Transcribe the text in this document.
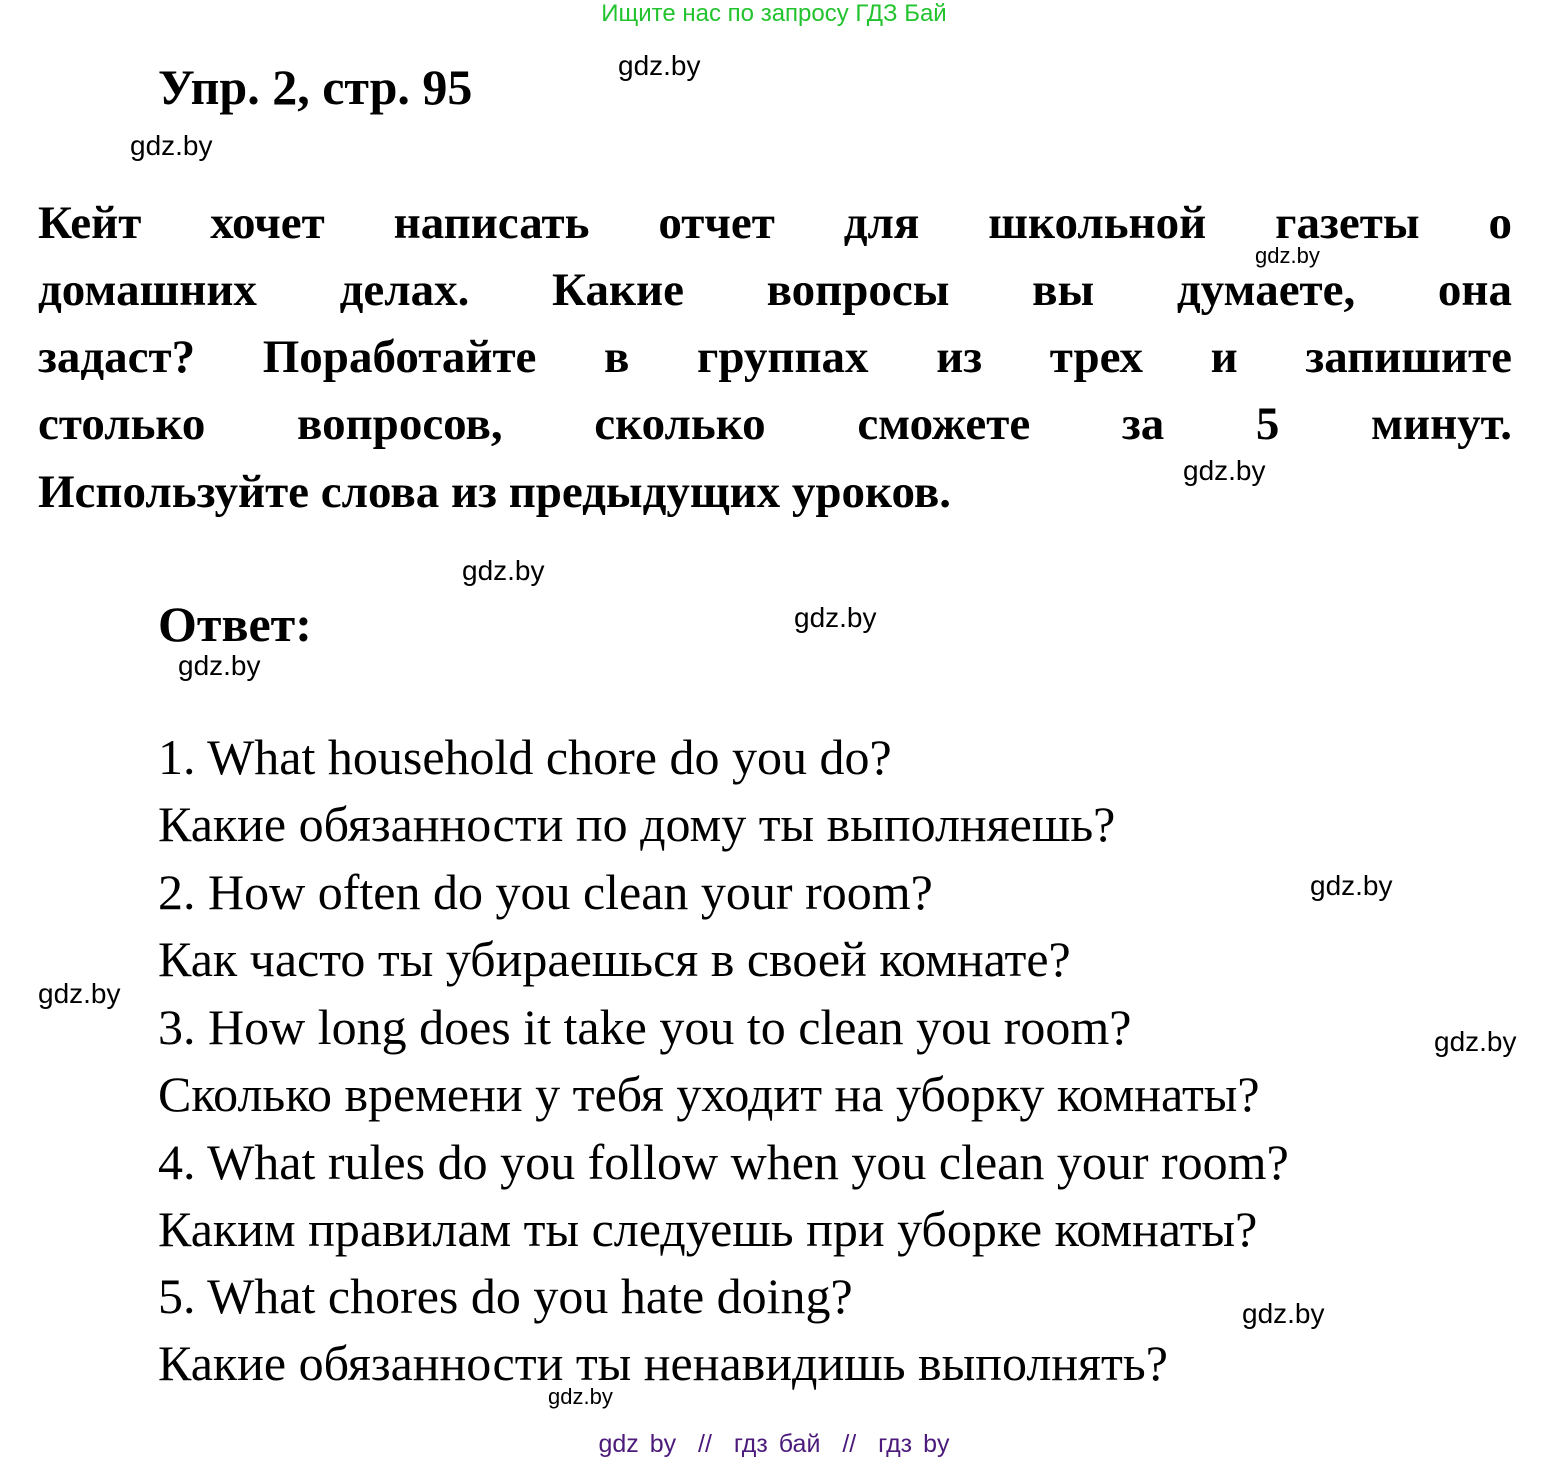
Ищите нас по запросу ГДЗ Бай
Упр. 2, стр. 95
Кейт хочет написать отчет для школьной газеты о
домашних делах. Какие вопросы вы думаете, она
задаст? Поработайте в группах из трех и запишите
столько вопросов, сколько сможете за 5 минут.
Используйте слова из предыдущих уроков.
Ответ:
1. What household chore do you do?
Какие обязанности по дому ты выполняешь?
2. How often do you clean your room?
Как часто ты убираешься в своей комнате?
3. How long does it take you to clean you room?
Сколько времени у тебя уходит на уборку комнаты?
4. What rules do you follow when you clean your room?
Каким правилам ты следуешь при уборке комнаты?
5. What chores do you hate doing?
Какие обязанности ты ненавидишь выполнять?
gdz.by
gdz.by
gdz.by
gdz.by
gdz.by
gdz.by
gdz.by
gdz.by
gdz.by
gdz.by
gdz.by
gdz.by
gdz by  //  гдз бай  //  гдз by
